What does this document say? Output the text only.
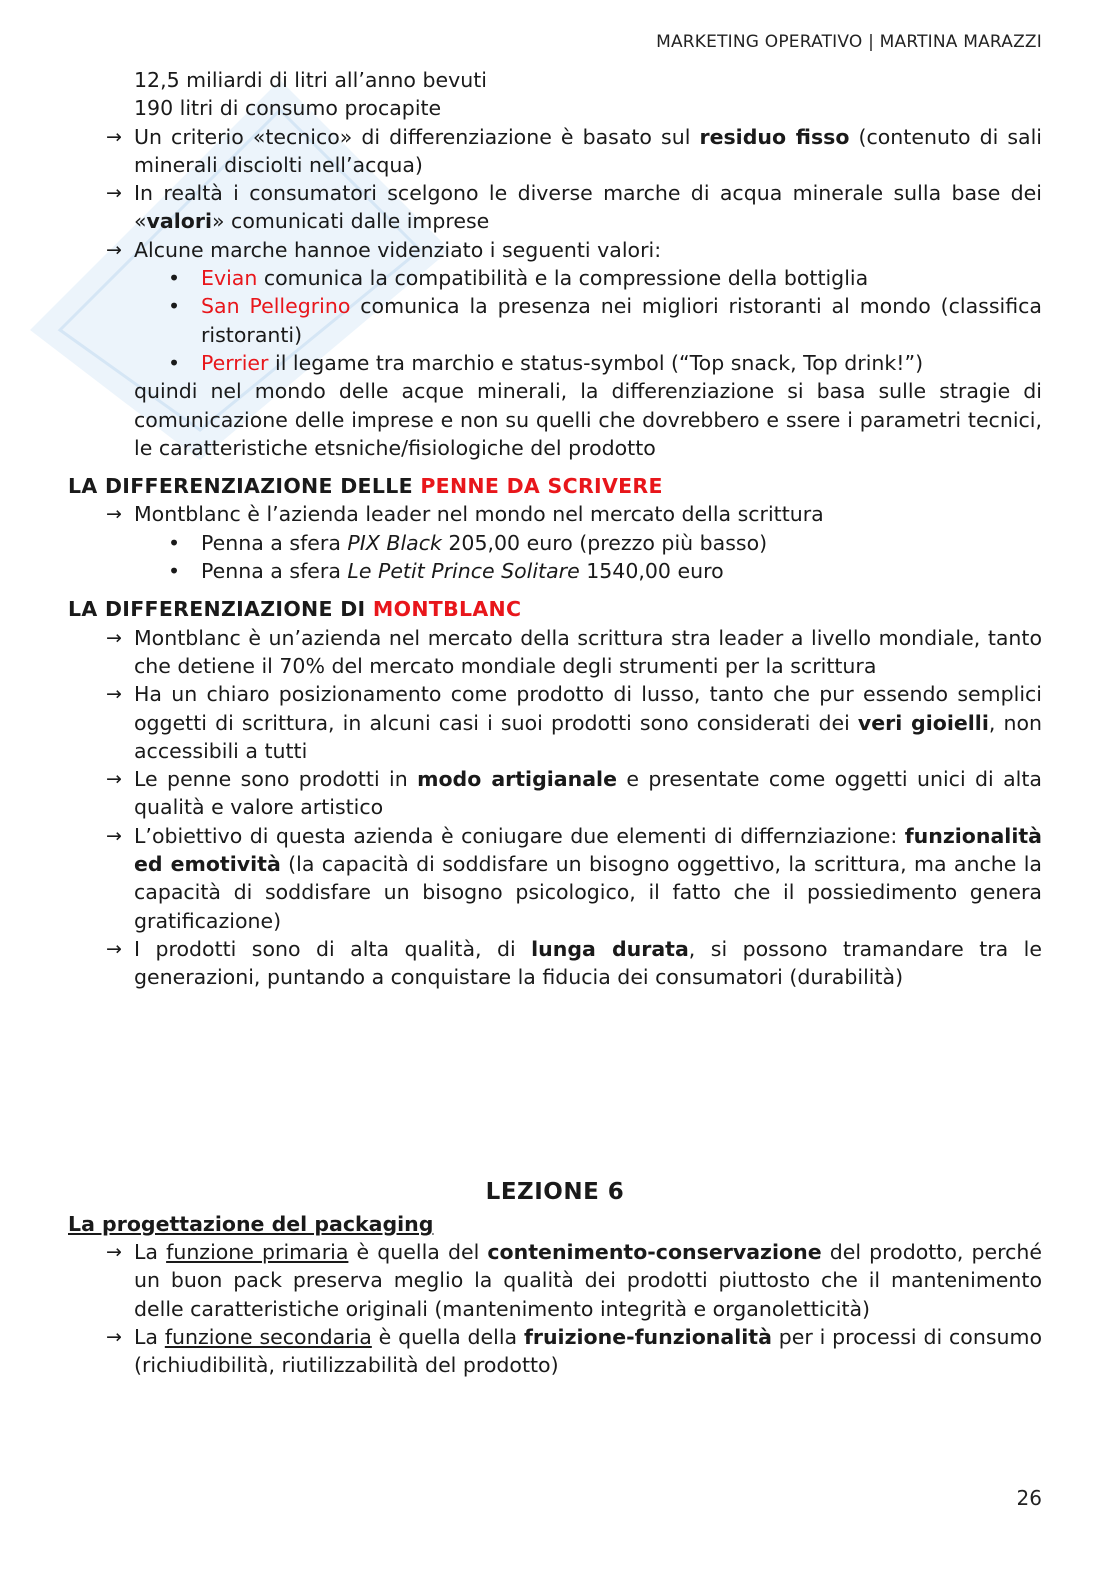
MARKETING OPERATIVO | MARTINA MARAZZI

12,5 miliardi di litri all’anno bevuti

190 litri di consumo procapite

→ Un criterio «tecnico» di differenziazione è basato sul residuo fisso (contenuto di sali minerali disciolti nell’acqua)
→ In realtà i consumatori scelgono le diverse marche di acqua minerale sulla base dei «valori» comunicati dalle imprese
→ Alcune marche hannoe videnziato i seguenti valori:
• Evian comunica la compatibilità e la compressione della bottiglia
• San Pellegrino comunica la presenza nei migliori ristoranti al mondo (classifica ristoranti)
• Perrier il legame tra marchio e status-symbol (“Top snack, Top drink!”)

quindi nel mondo delle acque minerali, la differenziazione si basa sulle stragie di comunicazione delle imprese e non su quelli che dovrebbero e ssere i parametri tecnici, le caratteristiche etsniche/fisiologiche del prodotto

LA DIFFERENZIAZIONE DELLE PENNE DA SCRIVERE

→ Montblanc è l’azienda leader nel mondo nel mercato della scrittura
• Penna a sfera PIX Black 205,00 euro (prezzo più basso)
• Penna a sfera Le Petit Prince Solitare 1540,00 euro

LA DIFFERENZIAZIONE DI MONTBLANC

→ Montblanc è un’azienda nel mercato della scrittura stra leader a livello mondiale, tanto che detiene il 70% del mercato mondiale degli strumenti per la scrittura
→ Ha un chiaro posizionamento come prodotto di lusso, tanto che pur essendo semplici oggetti di scrittura, in alcuni casi i suoi prodotti sono considerati dei veri gioielli, non accessibili a tutti
→ Le penne sono prodotti in modo artigianale e presentate come oggetti unici di alta qualità e valore artistico
→ L’obiettivo di questa azienda è coniugare due elementi di differnziazione: funzionalità ed emotività (la capacità di soddisfare un bisogno oggettivo, la scrittura, ma anche la capacità di soddisfare un bisogno psicologico, il fatto che il possiedimento genera gratificazione)
→ I prodotti sono di alta qualità, di lunga durata, si possono tramandare tra le generazioni, puntando a conquistare la fiducia dei consumatori (durabilità)

LEZIONE 6

La progettazione del packaging

→ La funzione primaria è quella del contenimento-conservazione del prodotto, perché un buon pack preserva meglio la qualità dei prodotti piuttosto che il mantenimento delle caratteristiche originali (mantenimento integrità e organoletticità)
→ La funzione secondaria è quella della fruizione-funzionalità per i processi di consumo (richiudibilità, riutilizzabilità del prodotto)
26
